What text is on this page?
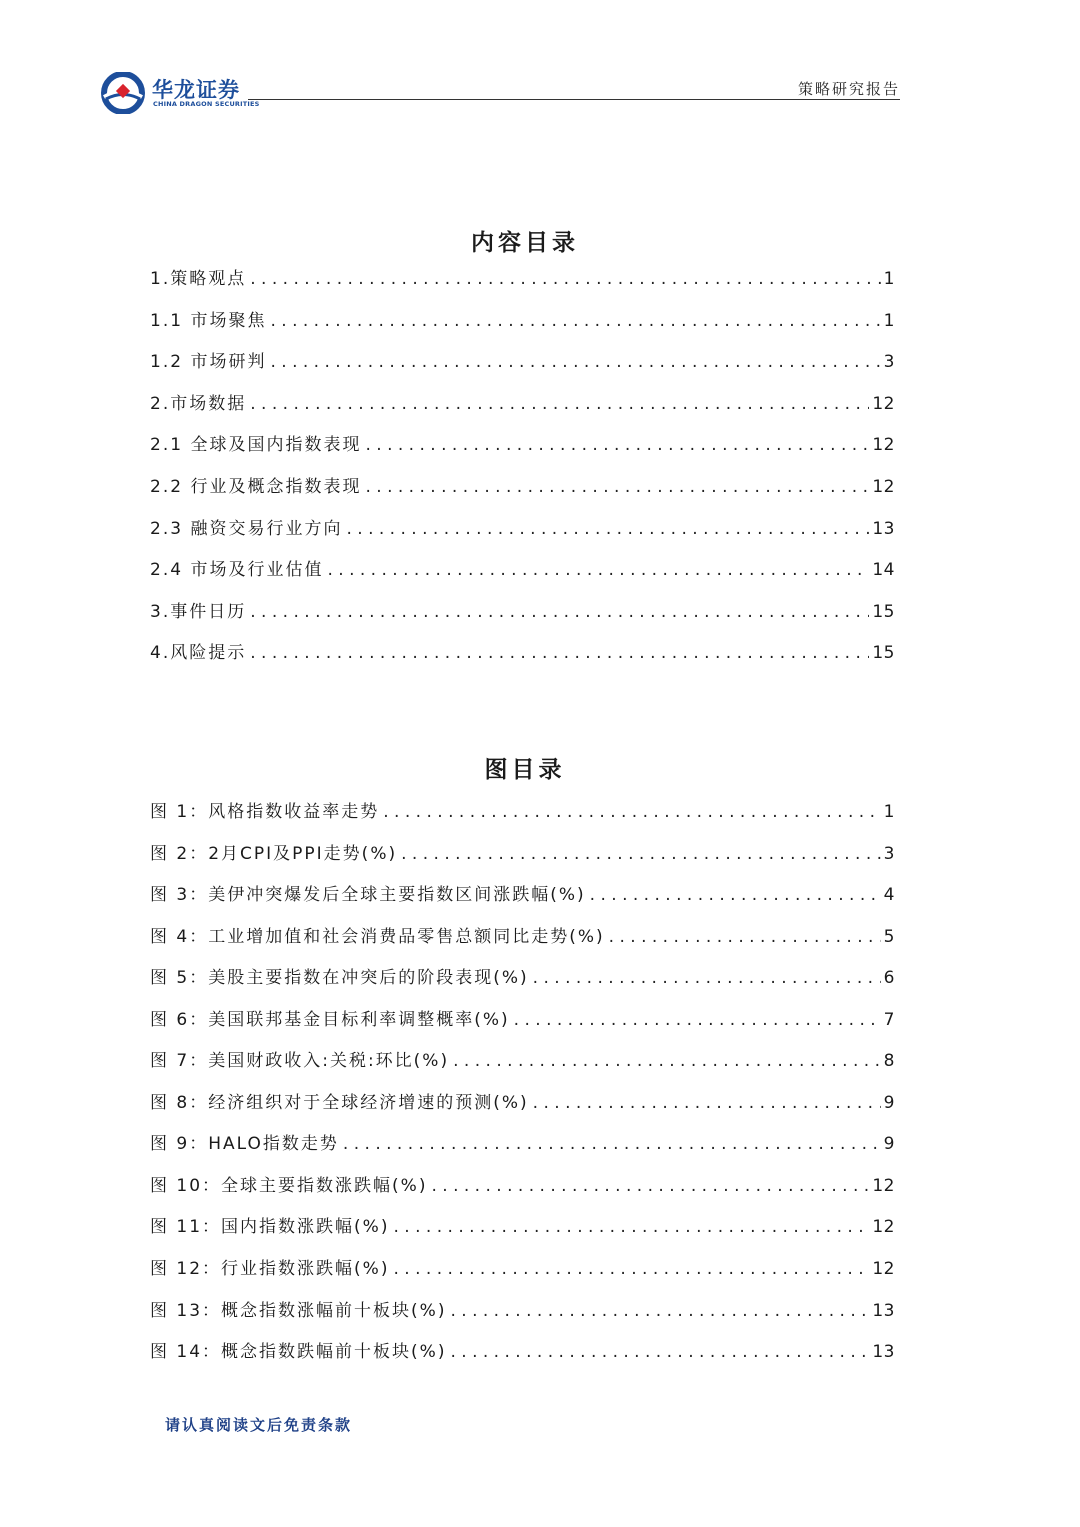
华龙证券
CHINA DRAGON SECURITIES
策略研究报告
内容目录
1.策略观点 . . .	1
1.1 市场聚焦 . . .	1
1.2 市场研判 . . .	3
2.市场数据 . . .	12
2.1 全球及国内指数表现 . . .	12
2.2 行业及概念指数表现 . . .	12
2.3 融资交易行业方向 . . .	13
2.4 市场及行业估值 . . .	14
3.事件日历 . . .	15
4.风险提示 . . .	15
图目录
图 1：风格指数收益率走势 . . .	1
图 2：2月CPI及PPI走势(%) . . .	3
图 3：美伊冲突爆发后全球主要指数区间涨跌幅(%) . . .	4
图 4：工业增加值和社会消费品零售总额同比走势(%) . . .	5
图 5：美股主要指数在冲突后的阶段表现(%) . . .	6
图 6：美国联邦基金目标利率调整概率(%) . . .	7
图 7：美国财政收入:关税:环比(%) . . .	8
图 8：经济组织对于全球经济增速的预测(%) . . .	9
图 9：HALO指数走势 . . .	9
图 10：全球主要指数涨跌幅(%) . . .	12
图 11：国内指数涨跌幅(%) . . .	12
图 12：行业指数涨跌幅(%) . . .	12
图 13：概念指数涨幅前十板块(%) . . .	13
图 14：概念指数跌幅前十板块(%) . . .	13
请认真阅读文后免责条款
